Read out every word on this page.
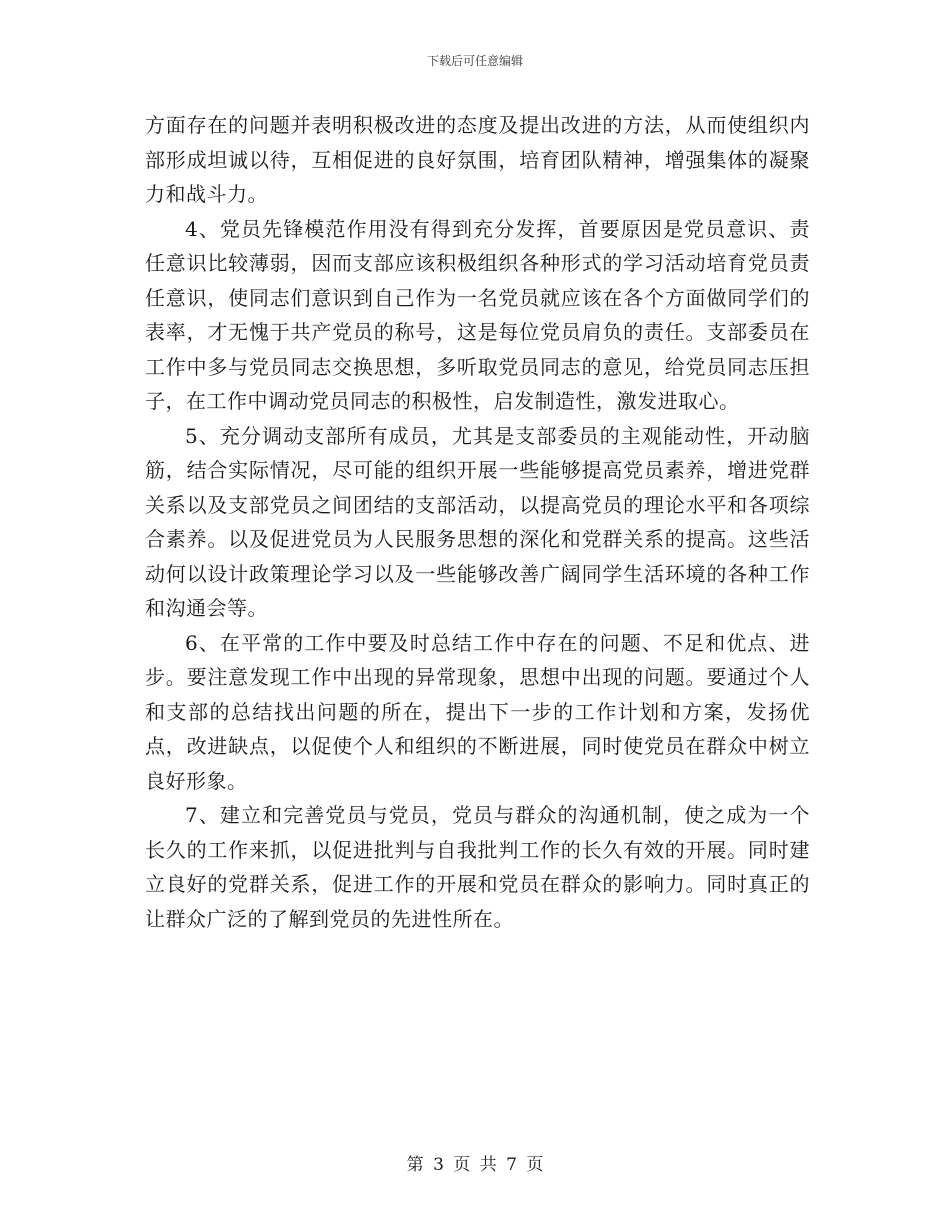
下载后可任意编辑

方面存在的问题并表明积极改进的态度及提出改进的方法，从而使组织内部形成坦诚以待，互相促进的良好氛围，培育团队精神，增强集体的凝聚力和战斗力。

4、党员先锋模范作用没有得到充分发挥，首要原因是党员意识、责任意识比较薄弱，因而支部应该积极组织各种形式的学习活动培育党员责任意识，使同志们意识到自己作为一名党员就应该在各个方面做同学们的表率，才无愧于共产党员的称号，这是每位党员肩负的责任。支部委员在工作中多与党员同志交换思想，多听取党员同志的意见，给党员同志压担子，在工作中调动党员同志的积极性，启发制造性，激发进取心。

5、充分调动支部所有成员，尤其是支部委员的主观能动性，开动脑筋，结合实际情况，尽可能的组织开展一些能够提高党员素养，增进党群关系以及支部党员之间团结的支部活动，以提高党员的理论水平和各项综合素养。以及促进党员为人民服务思想的深化和党群关系的提高。这些活动何以设计政策理论学习以及一些能够改善广阔同学生活环境的各种工作和沟通会等。

6、在平常的工作中要及时总结工作中存在的问题、不足和优点、进步。要注意发现工作中出现的异常现象，思想中出现的问题。要通过个人和支部的总结找出问题的所在，提出下一步的工作计划和方案，发扬优点，改进缺点，以促使个人和组织的不断进展，同时使党员在群众中树立良好形象。

7、建立和完善党员与党员，党员与群众的沟通机制，使之成为一个长久的工作来抓，以促进批判与自我批判工作的长久有效的开展。同时建立良好的党群关系，促进工作的开展和党员在群众的影响力。同时真正的让群众广泛的了解到党员的先进性所在。

第 3 页 共 7 页
